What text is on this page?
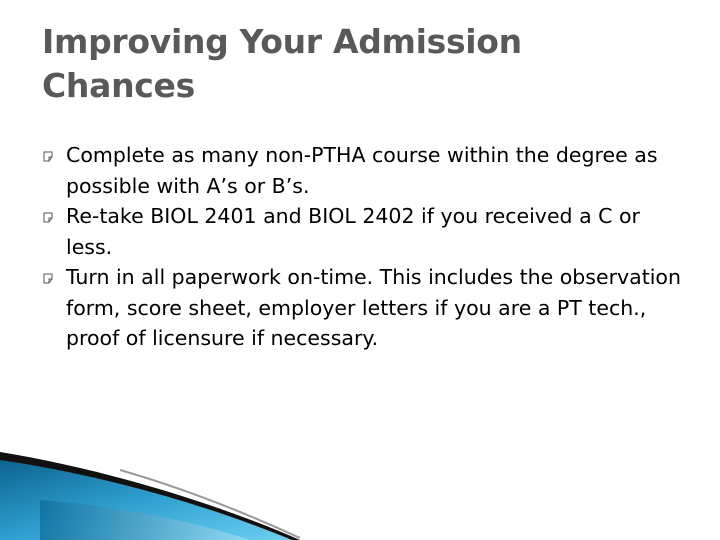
Improving Your Admission
Chances
Complete as many non-PTHA course within the degree as possible with A’s or B’s.
Re-take BIOL 2401 and BIOL 2402 if you received a C or less.
Turn in all paperwork on-time. This includes the observation form, score sheet, employer letters if you are a PT tech., proof of licensure if necessary.
